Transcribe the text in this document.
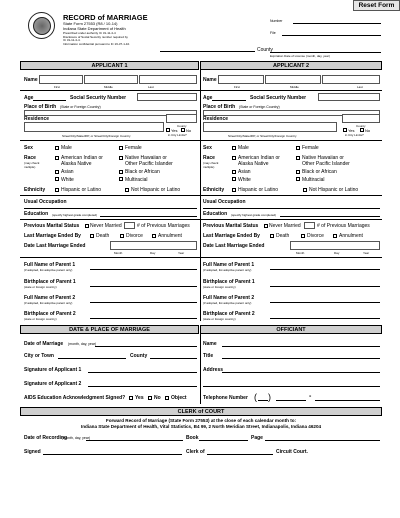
Reset Form
RECORD of MARRIAGE
State Form 27553 (R8 / 10-14)
Indiana State Department of Health
Prescribed under authority IC 31-11-4-4
Disclosure of Social Security number required by
IC 31-11-4-4.
Information confidential pursuant to IC 16-37-1-10.
County
Number
File
Expiration Date of License (month, day, year)
APPLICANT 1	APPLICANT 2
Name
First	Middle	Last
Age	Social Security Number
Place of Birth (State or Foreign Country)
Residence
County
Street/City/State/ZIP, or Street/City/Foreign Country
Yes No
in City Limits?
Sex	Male	Female
Race
(may check multiple)
American Indian or
Alaska Native
Asian
White
Native Hawaiian or
Other Pacific Islander
Black or African
Multiracial
Ethnicity	Hispanic or Latino	Not Hispanic or Latino
Usual Occupation
Education (specify highest grade completed)
Previous Marital Status Never Married	# of Previous Marriages
Last Marriage Ended By	Death	Divorce	Annulment
Date Last Marriage Ended
Month	Day	Year
Full Name of Parent 1
(if adopted, list adoptive parent only)
Birthplace of Parent 1
(state or foreign country)
Full Name of Parent 2
(if adopted, list adoptive parent only)
Birthplace of Parent 2
(state or foreign country)
Name
First	Middle	Last
Age	Social Security Number
Place of Birth (State or Foreign Country)
Residence
County
Street/City/State/ZIP, or Street/City/Foreign Country
Yes	No
in City Limits?
Sex	Male	Female
Race
(may check multiple)
American Indian or
Alaska Native
Asian
White
Native Hawaiian or
Other Pacific Islander
Black or African
Multiracial
Ethnicity	Hispanic or Latino	Not Hispanic or Latino
Usual Occupation
Education (specify highest grade completed)
Previous Marital Status Never Married	# of Previous Marriages
Last Marriage Ended By	Death	Divorce	Annulment
Date Last Marriage Ended
Month	Day	Year
Full Name of Parent 1
(if adopted, list adoptive parent only)
Birthplace of Parent 1
(state or foreign country)
Full Name of Parent 2
(if adopted, list adoptive parent only)
Birthplace of Parent 2
(state or foreign country)
DATE & PLACE OF MARRIAGE	OFFICIANT
Date of Marriage (month, day, year)
City or Town	County
Signature of Applicant 1
Signature of Applicant 2
AIDS Education Acknowledgment Signed? Yes No Object
Name
Title
Address
Telephone Number ( )	-
CLERK of COURT
Forward Record of Marriage (State Form 27553) at the close of each calendar month to:
Indiana State Department of Health, Vital Statistics, B4 99, 2 North Meridian Street, Indianapolis, Indiana 46204
Date of Recording
(month, day, year)	Book	Page
Signed	Clerk of	Circuit Court.
